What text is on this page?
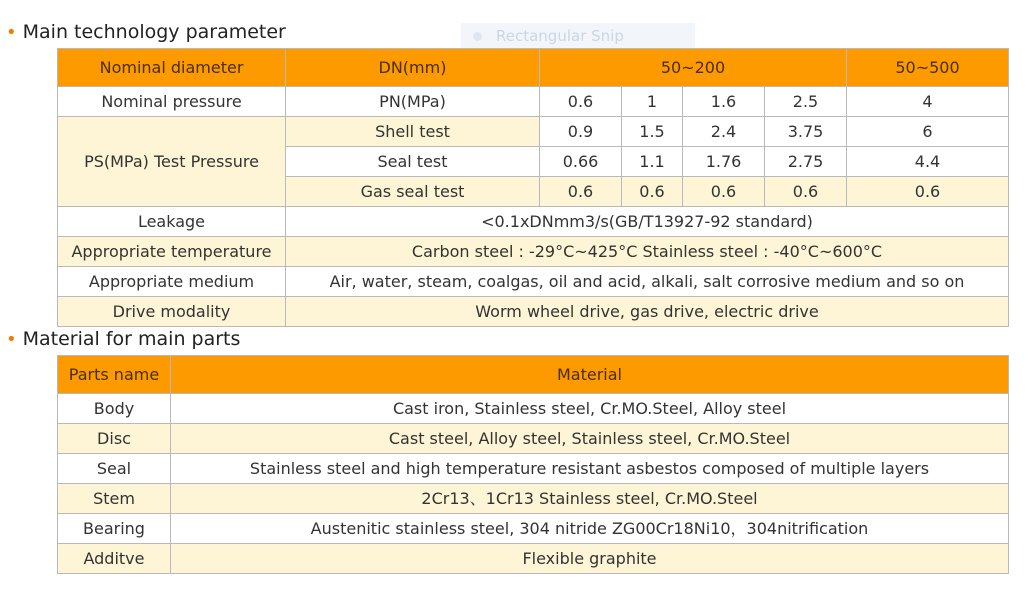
Rectangular Snip
• Main technology parameter
Nominal diameter	DN(mm)	50~200				50~500
Nominal pressure	PN(MPa)	0.6	1	1.6	2.5	4
PS(MPa) Test Pressure	Shell test	0.9	1.5	2.4	3.75	6
	Seal test	0.66	1.1	1.76	2.75	4.4
	Gas seal test	0.6	0.6	0.6	0.6	0.6
Leakage	<0.1xDNmm3/s(GB/T13927-92 standard)					
Appropriate temperature	Carbon steel : -29°C~425°C Stainless steel : -40°C~600°C					
Appropriate medium	Air, water, steam, coalgas, oil and acid, alkali, salt corrosive medium and so on					
Drive modality	Worm wheel drive, gas drive, electric drive					
• Material for main parts
Parts name	Material
Body	Cast iron, Stainless steel, Cr.MO.Steel, Alloy steel
Disc	Cast steel, Alloy steel, Stainless steel, Cr.MO.Steel
Seal	Stainless steel and high temperature resistant asbestos composed of multiple layers
Stem	2Cr13、1Cr13 Stainless steel, Cr.MO.Steel
Bearing	Austenitic stainless steel, 304 nitride ZG00Cr18Ni10，304nitrification
Additve	Flexible graphite
